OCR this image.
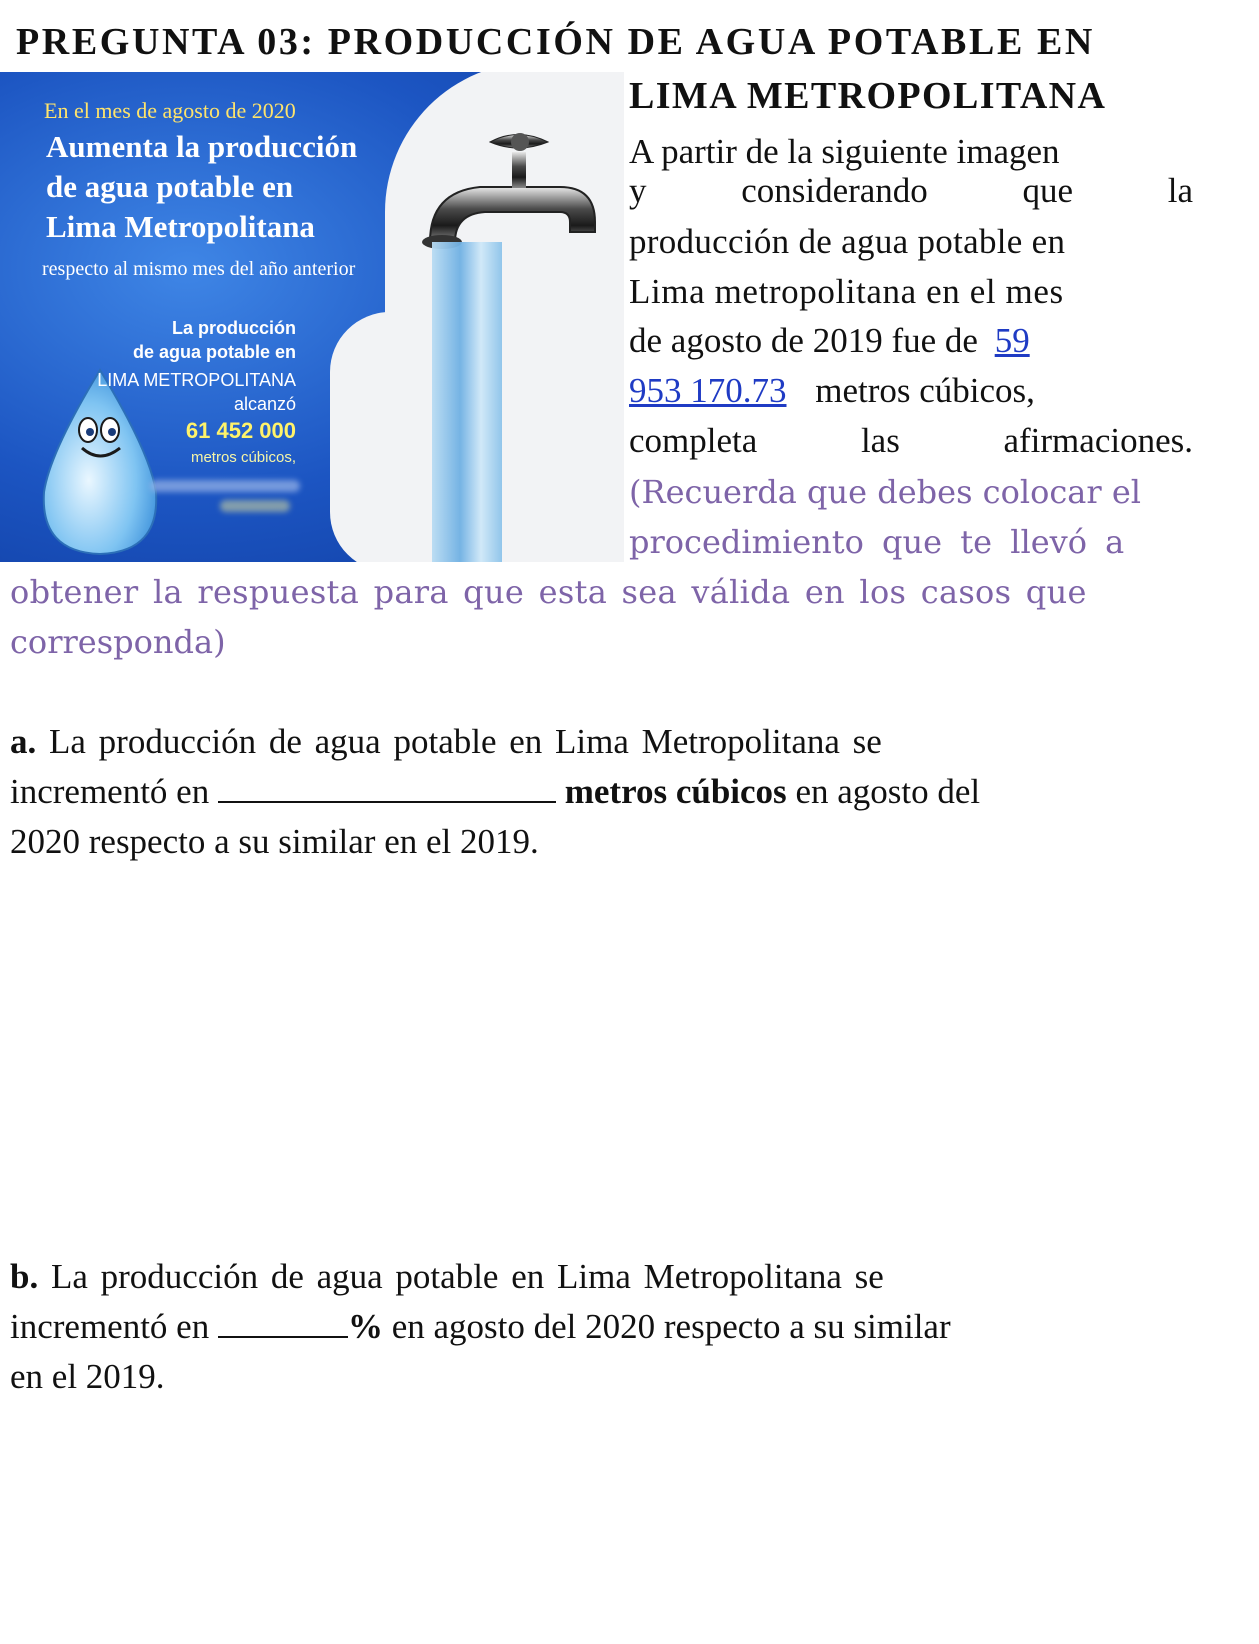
PREGUNTA 03: PRODUCCIÓN DE AGUA POTABLE EN
LIMA METROPOLITANA
En el mes de agosto de 2020
Aumenta la producción
de agua potable en
Lima Metropolitana
respecto al mismo mes del año anterior
La producción
de agua potable en
LIMA METROPOLITANA
alcanzó
61 452 000
metros cúbicos,
A partir de la siguiente imagen
y	considerando	que	la
producción de agua potable en
Lima metropolitana en el mes
de agosto de 2019 fue de 59
953 170.73 metros cúbicos,
completa	las	afirmaciones.
(Recuerda que debes colocar el
procedimiento que te llevó a
obtener la respuesta para que esta sea válida en los casos que
corresponda)
a. La producción de agua potable en Lima Metropolitana se
incrementó en	metros cúbicos en agosto del
2020 respecto a su similar en el 2019.
b. La producción de agua potable en Lima Metropolitana se
incrementó en	% en agosto del 2020 respecto a su similar
en el 2019.
